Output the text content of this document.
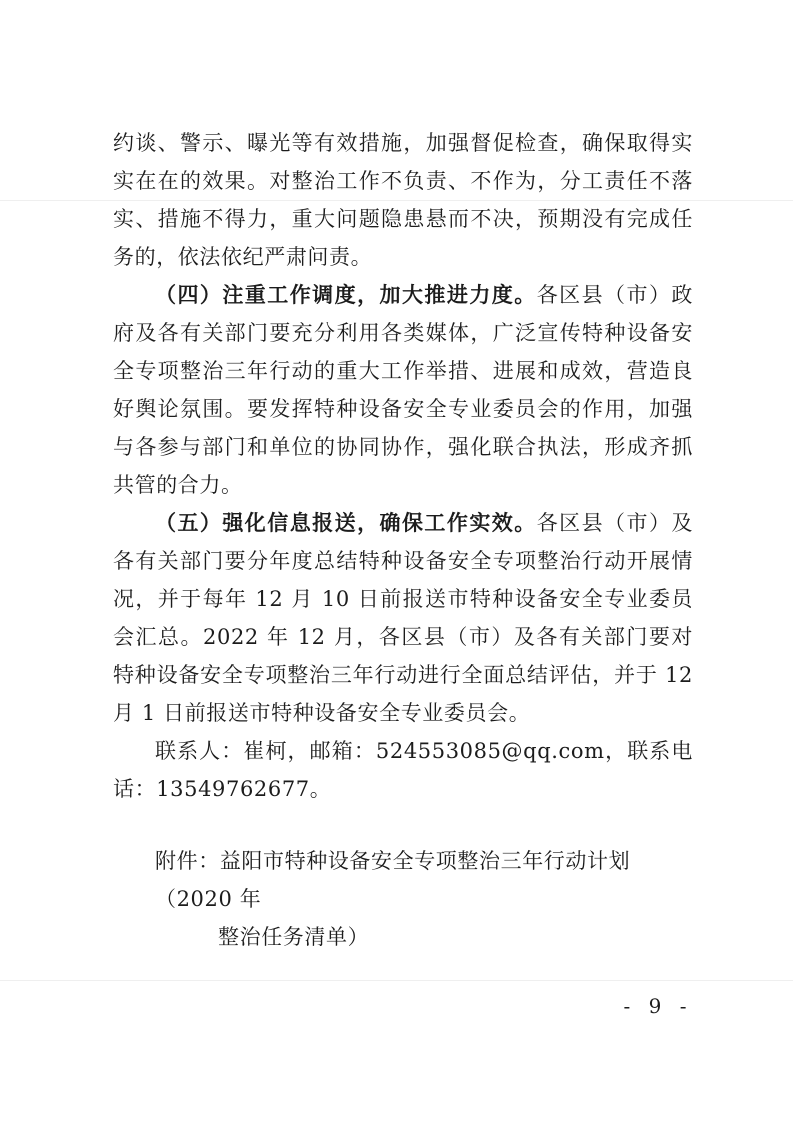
约谈、警示、曝光等有效措施，加强督促检查，确保取得实实在在的效果。对整治工作不负责、不作为，分工责任不落实、措施不得力，重大问题隐患悬而不决，预期没有完成任务的，依法依纪严肃问责。

（四）注重工作调度，加大推进力度。各区县（市）政府及各有关部门要充分利用各类媒体，广泛宣传特种设备安全专项整治三年行动的重大工作举措、进展和成效，营造良好舆论氛围。要发挥特种设备安全专业委员会的作用，加强与各参与部门和单位的协同协作，强化联合执法，形成齐抓共管的合力。

（五）强化信息报送，确保工作实效。各区县（市）及各有关部门要分年度总结特种设备安全专项整治行动开展情况，并于每年 12 月 10 日前报送市特种设备安全专业委员会汇总。2022 年 12 月，各区县（市）及各有关部门要对特种设备安全专项整治三年行动进行全面总结评估，并于 12 月 1 日前报送市特种设备安全专业委员会。

联系人：崔柯，邮箱：524553085@qq.com，联系电话：13549762677。

附件：益阳市特种设备安全专项整治三年行动计划（2020 年
整治任务清单）
- 9 -
